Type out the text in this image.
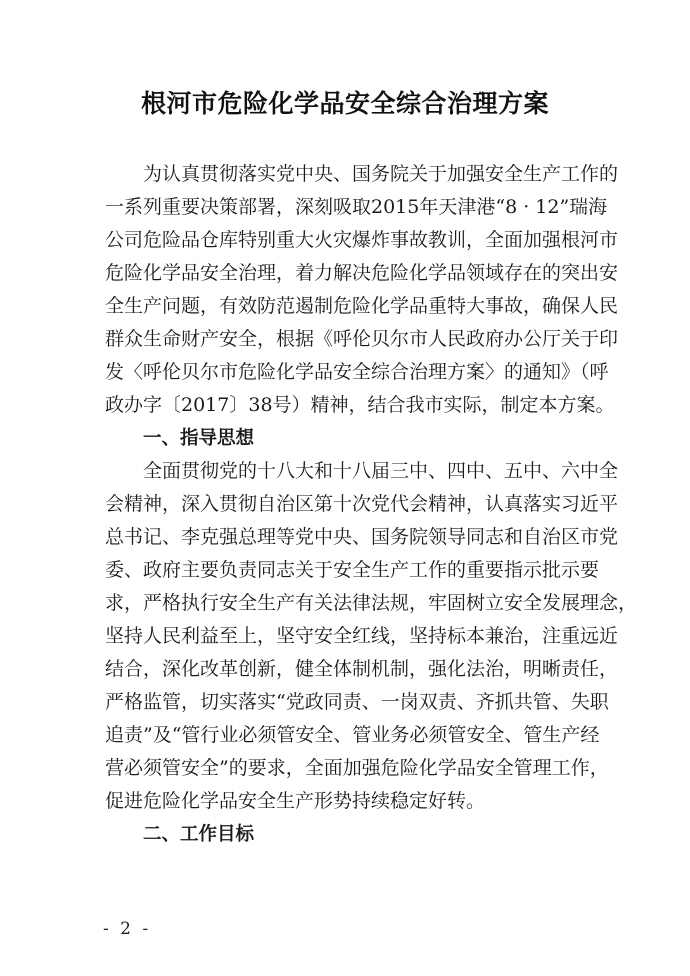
根河市危险化学品安全综合治理方案
为认真贯彻落实党中央、国务院关于加强安全生产工作的
一系列重要决策部署，深刻吸取2015年天津港“8 · 12”瑞海
公司危险品仓库特别重大火灾爆炸事故教训，全面加强根河市
危险化学品安全治理，着力解决危险化学品领域存在的突出安
全生产问题，有效防范遏制危险化学品重特大事故，确保人民
群众生命财产安全，根据《呼伦贝尔市人民政府办公厅关于印
发〈呼伦贝尔市危险化学品安全综合治理方案〉的通知》（呼
政办字〔2017〕38号）精神，结合我市实际，制定本方案。
一、指导思想
全面贯彻党的十八大和十八届三中、四中、五中、六中全
会精神，深入贯彻自治区第十次党代会精神，认真落实习近平
总书记、李克强总理等党中央、国务院领导同志和自治区市党
委、政府主要负责同志关于安全生产工作的重要指示批示要
求，严格执行安全生产有关法律法规，牢固树立安全发展理念，
坚持人民利益至上，坚守安全红线，坚持标本兼治，注重远近
结合，深化改革创新，健全体制机制，强化法治，明晰责任，
严格监管，切实落实“党政同责、一岗双责、齐抓共管、失职
追责”及“管行业必须管安全、管业务必须管安全、管生产经
营必须管安全”的要求，全面加强危险化学品安全管理工作，
促进危险化学品安全生产形势持续稳定好转。
二、工作目标
- 2 -
